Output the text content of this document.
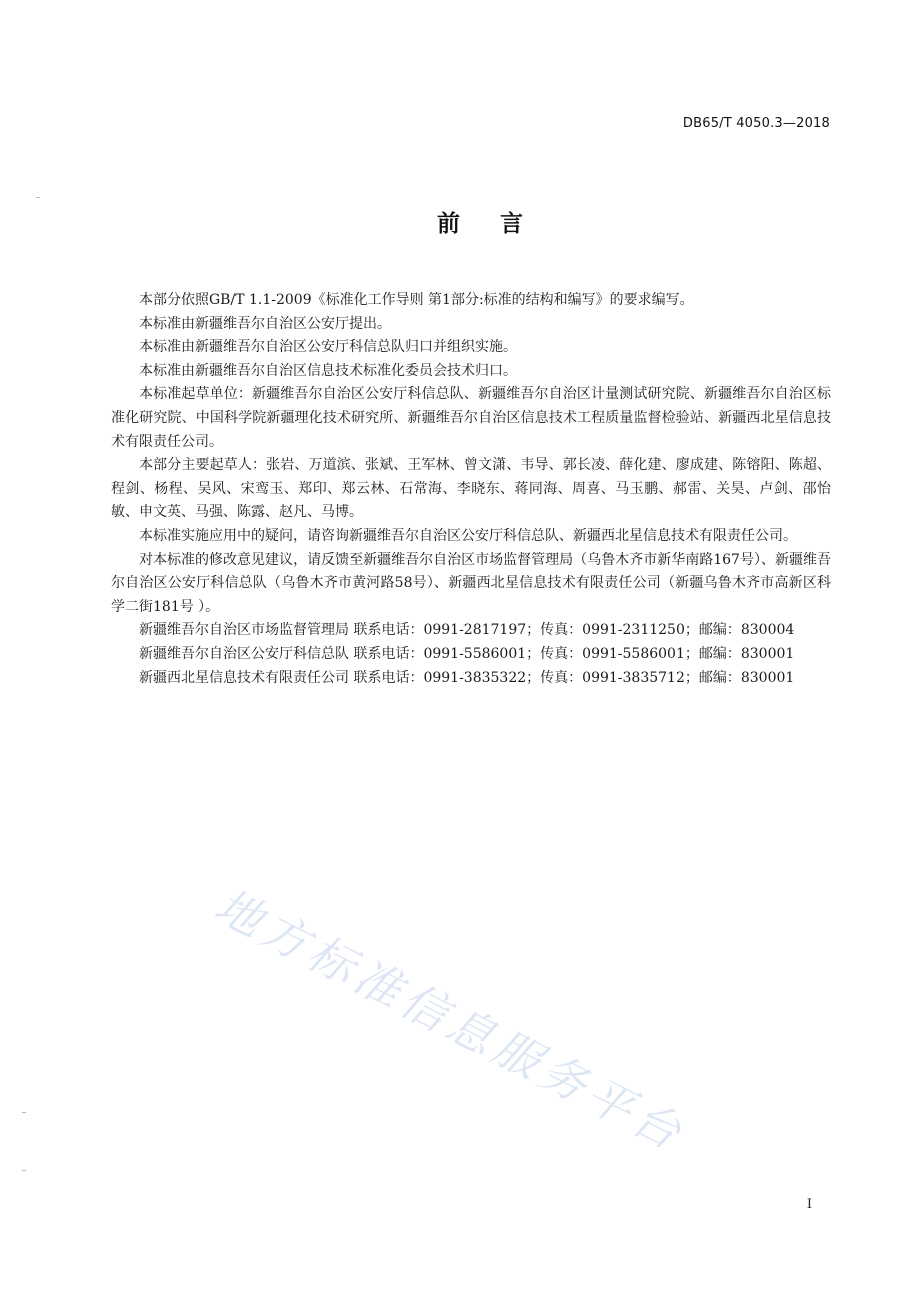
DB65/T 4050.3—2018
前言

本部分依照GB/T 1.1-2009《标准化工作导则 第1部分:标准的结构和编写》的要求编写。

本标准由新疆维吾尔自治区公安厅提出。

本标准由新疆维吾尔自治区公安厅科信总队归口并组织实施。

本标准由新疆维吾尔自治区信息技术标准化委员会技术归口。

本标准起草单位：新疆维吾尔自治区公安厅科信总队、新疆维吾尔自治区计量测试研究院、新疆维吾尔自治区标准化研究院、中国科学院新疆理化技术研究所、新疆维吾尔自治区信息技术工程质量监督检验站、新疆西北星信息技术有限责任公司。

本部分主要起草人：张岩、万道滨、张斌、王军林、曾文潇、韦导、郭长凌、薛化建、廖成建、陈镕阳、陈超、程剑、杨程、吴风、宋鸾玉、郑印、郑云林、石常海、李晓东、蒋同海、周喜、马玉鹏、郝雷、关昊、卢剑、邵怡敏、申文英、马强、陈露、赵凡、马博。

本标准实施应用中的疑问，请咨询新疆维吾尔自治区公安厅科信总队、新疆西北星信息技术有限责任公司。

对本标准的修改意见建议，请反馈至新疆维吾尔自治区市场监督管理局（乌鲁木齐市新华南路167号）、新疆维吾尔自治区公安厅科信总队（乌鲁木齐市黄河路58号）、新疆西北星信息技术有限责任公司（新疆乌鲁木齐市高新区科学二街181号 ）。

新疆维吾尔自治区市场监督管理局 联系电话：0991-2817197；传真：0991-2311250；邮编：830004
新疆维吾尔自治区公安厅科信总队 联系电话：0991-5586001；传真：0991-5586001；邮编：830001
新疆西北星信息技术有限责任公司 联系电话：0991-3835322；传真：0991-3835712；邮编：830001
地方标准信息服务平台
I
